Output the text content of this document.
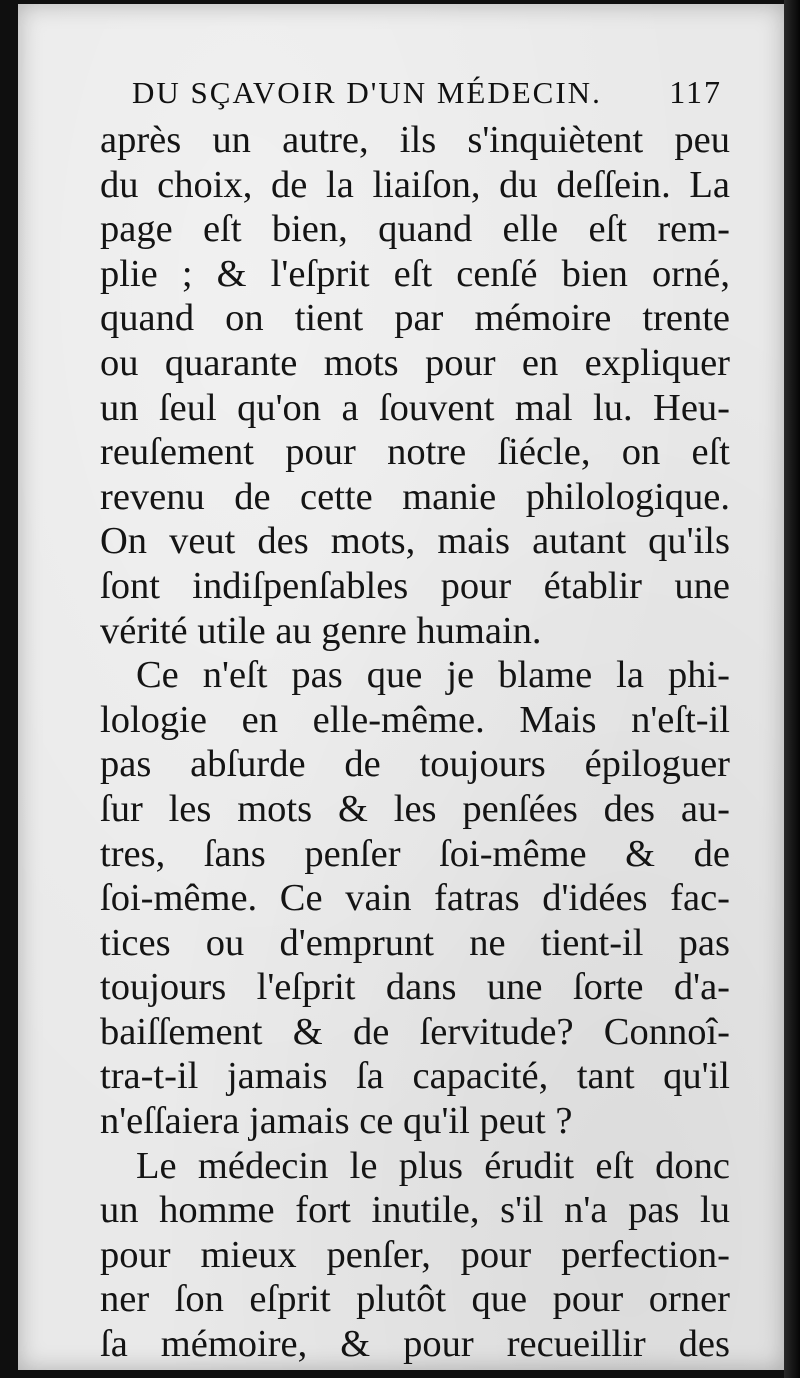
DU SÇAVOIR D'UN MÉDECIN. 117
après un autre, ils s'inquiètent peu
du choix, de la liaiſon, du deſſein. La
page eſt bien, quand elle eſt rem-
plie ; & l'eſprit eſt cenſé bien orné,
quand on tient par mémoire trente
ou quarante mots pour en expliquer
un ſeul qu'on a ſouvent mal lu. Heu-
reuſement pour notre ſiécle, on eſt
revenu de cette manie philologique.
On veut des mots, mais autant qu'ils
ſont indiſpenſables pour établir une
vérité utile au genre humain.
Ce n'eſt pas que je blame la phi-
lologie en elle-même. Mais n'eſt-il
pas abſurde de toujours épiloguer
ſur les mots & les penſées des au-
tres, ſans penſer ſoi-même & de
ſoi-même. Ce vain fatras d'idées fac-
tices ou d'emprunt ne tient-il pas
toujours l'eſprit dans une ſorte d'a-
baiſſement & de ſervitude? Connoî-
tra-t-il jamais ſa capacité, tant qu'il
n'eſſaiera jamais ce qu'il peut ?
Le médecin le plus érudit eſt donc
un homme fort inutile, s'il n'a pas lu
pour mieux penſer, pour perfection-
ner ſon eſprit plutôt que pour orner
ſa mémoire, & pour recueillir des
